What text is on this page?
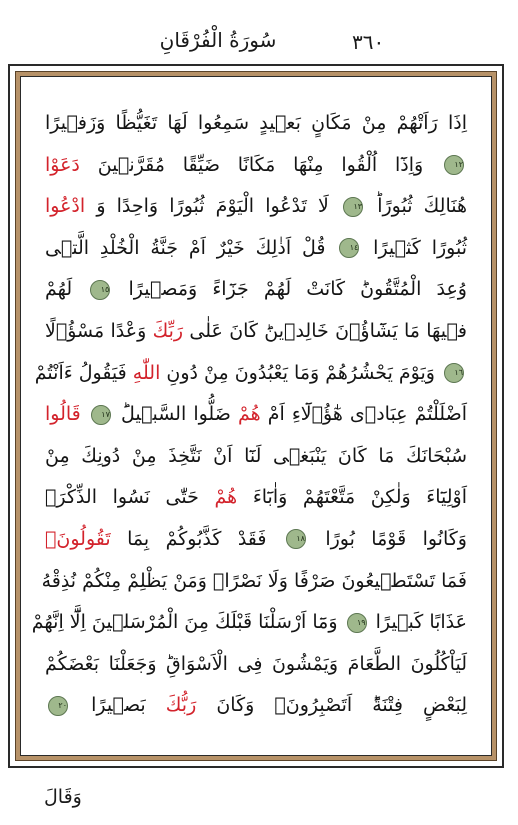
٣٦٠
سُورَةُ الْفُرْقَانِ
اِذَا رَاَتْهُمْ مِنْ مَكَانٍ بَعٖيدٍ سَمِعُوا لَهَا تَغَيُّظًا وَزَفٖيرًا
١٢ وَاِذَٓا اُلْقُوا مِنْهَا مَكَانًا ضَيِّقًا مُقَرَّنٖينَ دَعَوْا
هُنَالِكَ ثُبُورًاؕ ١٣ لَا تَدْعُوا الْيَوْمَ ثُبُورًا وَاحِدًا وَ ادْعُوا
ثُبُورًا كَثٖيرًا ١٤ قُلْ اَذٰلِكَ خَيْرٌ اَمْ جَنَّةُ الْخُلْدِ الَّتٖى
وُعِدَ الْمُتَّقُونَؕ كَانَتْ لَهُمْ جَزَٓاءً وَمَصٖيرًا ١٥ لَهُمْ
فٖيهَا مَا يَشَٓاؤُ۫نَ خَالِدٖينَؕ كَانَ عَلٰى رَبِّكَ وَعْدًا مَسْؤُ۫لًا
١٦ وَيَوْمَ يَحْشُرُهُمْ وَمَا يَعْبُدُونَ مِنْ دُونِ اللّٰهِ فَيَقُولُ ءَاَنْتُمْ
اَضْلَلْتُمْ عِبَادٖى هٰٓؤُ۬لَٓاءِ اَمْ هُمْ ضَلُّوا السَّبٖيلَؕ ١٧ قَالُوا
سُبْحَانَكَ مَا كَانَ يَنْبَغٖى لَنَٓا اَنْ نَتَّخِذَ مِنْ دُونِكَ مِنْ
اَوْلِيَٓاءَ وَلٰكِنْ مَتَّعْتَهُمْ وَاٰبَٓاءَ هُمْ حَتّٰى نَسُوا الذِّكْرَۚ
وَكَانُوا قَوْمًا بُورًا ١٨ فَقَدْ كَذَّبُوكُمْ بِمَا تَقُولُونَۙ
فَمَا تَسْتَطٖيعُونَ صَرْفًا وَلَا نَصْرًاۚ وَمَنْ يَظْلِمْ مِنْكُمْ نُذِقْهُ
عَذَابًا كَبٖيرًا ١٩ وَمَٓا اَرْسَلْنَا قَبْلَكَ مِنَ الْمُرْسَلٖينَ اِلَّٓا اِنَّهُمْ
لَيَاْكُلُونَ الطَّعَامَ وَيَمْشُونَ فِى الْاَسْوَاقِؕ وَجَعَلْنَا بَعْضَكُمْ
لِبَعْضٍ فِتْنَةًؕ اَتَصْبِرُونَۚ وَكَانَ رَبُّكَ بَصٖيرًا ٢٠
وَقَالَ
